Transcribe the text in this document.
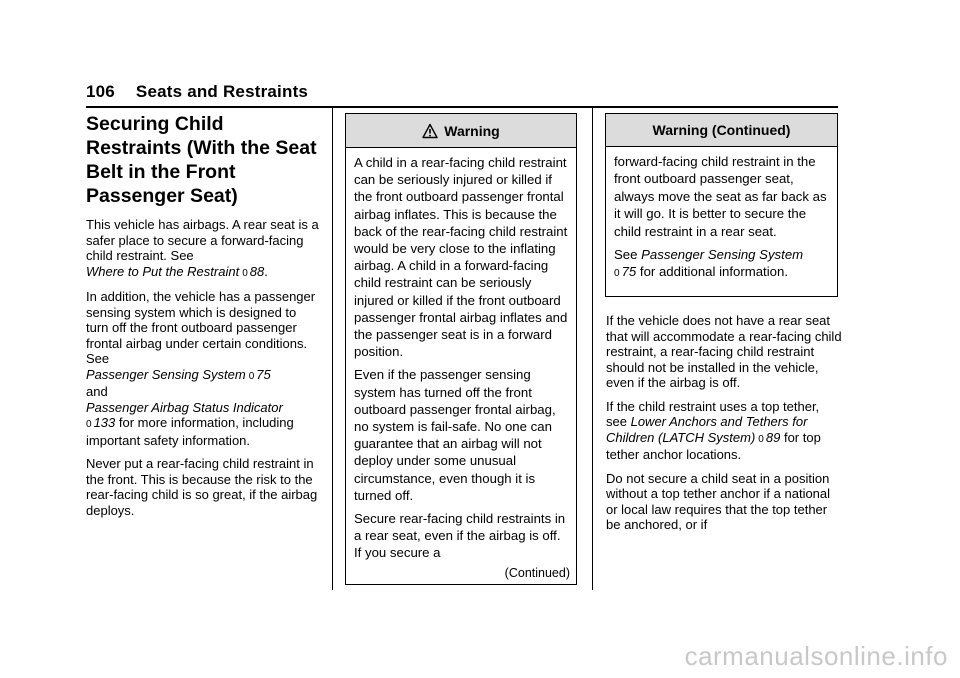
106 Seats and Restraints
Securing Child Restraints (With the Seat Belt in the Front Passenger Seat)

This vehicle has airbags. A rear seat is a safer place to secure a forward-facing child restraint. See
Where to Put the Restraint 0 88.

In addition, the vehicle has a passenger sensing system which is designed to turn off the front outboard passenger frontal airbag under certain conditions. See
Passenger Sensing System 0 75
and
Passenger Airbag Status Indicator
0 133 for more information, including important safety information.

Never put a rear-facing child restraint in the front. This is because the risk to the rear-facing child is so great, if the airbag deploys.

Warning

A child in a rear-facing child restraint can be seriously injured or killed if the front outboard passenger frontal airbag inflates. This is because the back of the rear-facing child restraint would be very close to the inflating airbag. A child in a forward-facing child restraint can be seriously injured or killed if the front outboard passenger frontal airbag inflates and the passenger seat is in a forward position.

Even if the passenger sensing system has turned off the front outboard passenger frontal airbag, no system is fail-safe. No one can guarantee that an airbag will not deploy under some unusual circumstance, even though it is turned off.

Secure rear-facing child restraints in a rear seat, even if the airbag is off. If you secure a

(Continued)
Warning (Continued)

forward-facing child restraint in the front outboard passenger seat, always move the seat as far back as it will go. It is better to secure the child restraint in a rear seat.

See Passenger Sensing System
0 75 for additional information.

If the vehicle does not have a rear seat that will accommodate a rear-facing child restraint, a rear-facing child restraint should not be installed in the vehicle, even if the airbag is off.

If the child restraint uses a top tether, see Lower Anchors and Tethers for Children (LATCH System) 0 89 for top tether anchor locations.

Do not secure a child seat in a position without a top tether anchor if a national or local law requires that the top tether be anchored, or if

carmanualsonline.info
